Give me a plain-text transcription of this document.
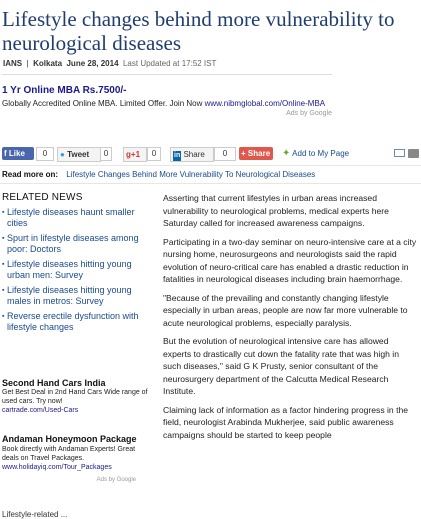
Lifestyle changes behind more vulnerability to neurological diseases
IANS  |  Kolkata June 28, 2014 Last Updated at 17:52 IST
1 Yr Online MBA Rs.7500/-
Globally Accredited Online MBA. Limited Offer. Join Now www.nibmglobal.com/Online-MBA
Ads by Google
f Like	0	● Tweet	0	g+1	0	in Share	0	+ Share ✦ Add to My Page
Read more on: Lifestyle Changes Behind More Vulnerability To Neurological Diseases
RELATED NEWS
▪ Lifestyle diseases haunt smaller cities
▪ Spurt in lifestyle diseases among poor: Doctors
▪ Lifestyle diseases hitting young urban men: Survey
▪ Lifestyle diseases hitting young males in metros: Survey
▪ Reverse erectile dysfunction with lifestyle changes
Second Hand Cars India
Get Best Deal in 2nd Hand Cars Wide range of used cars. Try now!
cartrade.com/Used-Cars
Andaman Honeymoon Package
Book directly with Andaman Experts! Great deals on Travel Packages.
www.holidayiq.com/Tour_Packages
Ads by Google
Lifestyle-related ...

Asserting that current lifestyles in urban areas increased vulnerability to neurological problems, medical experts here Saturday called for increased awareness campaigns.

Participating in a two-day seminar on neuro-intensive care at a city nursing home, neurosurgeons and neurologists said the rapid evolution of neuro-critical care has enabled a drastic reduction in fatalities in neurological diseases including brain haemorrhage.

"Because of the prevailing and constantly changing lifestyle especially in urban areas, people are now far more vulnerable to acute neurological problems, especially paralysis.

But the evolution of neurological intensive care has allowed experts to drastically cut down the fatality rate that was high in such diseases," said G K Prusty, senior consultant of the neurosurgery department of the Calcutta Medical Research Institute.

Claiming lack of information as a factor hindering progress in the field, neurologist Arabinda Mukherjee, said public awareness campaigns should be started to keep people
